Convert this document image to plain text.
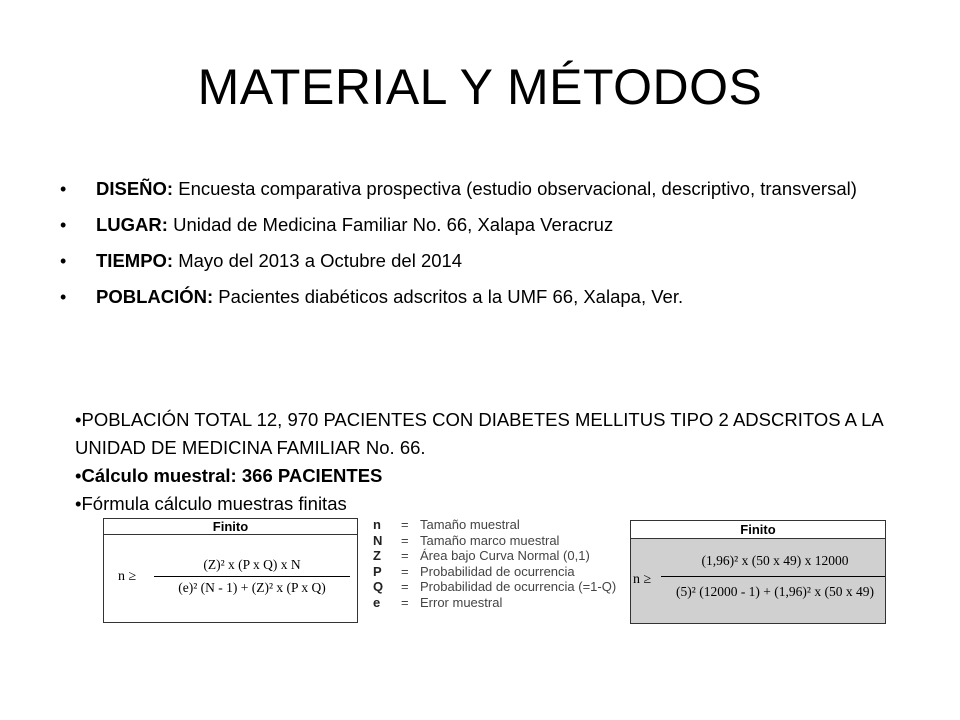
MATERIAL Y MÉTODOS
• DISEÑO: Encuesta comparativa prospectiva (estudio observacional, descriptivo, transversal)
• LUGAR: Unidad de Medicina Familiar No. 66, Xalapa Veracruz
• TIEMPO: Mayo del 2013 a Octubre del 2014
• POBLACIÓN: Pacientes diabéticos adscritos a la UMF 66, Xalapa, Ver.
•POBLACIÓN TOTAL 12, 970 PACIENTES CON DIABETES MELLITUS TIPO 2 ADSCRITOS A LA UNIDAD DE MEDICINA FAMILIAR No. 66.
•Cálculo muestral: 366 PACIENTES
•Fórmula cálculo muestras finitas
Finito
n ≥
(Z)² x (P x Q) x N
(e)² (N - 1) + (Z)² x (P x Q)
n = Tamaño muestral
N = Tamaño marco muestral
Z = Área bajo Curva Normal (0,1)
P = Probabilidad de ocurrencia
Q = Probabilidad de ocurrencia (=1-Q)
e = Error muestral
Finito
n ≥
(1,96)² x (50 x 49) x 12000
(5)² (12000 - 1) + (1,96)² x (50 x 49)
